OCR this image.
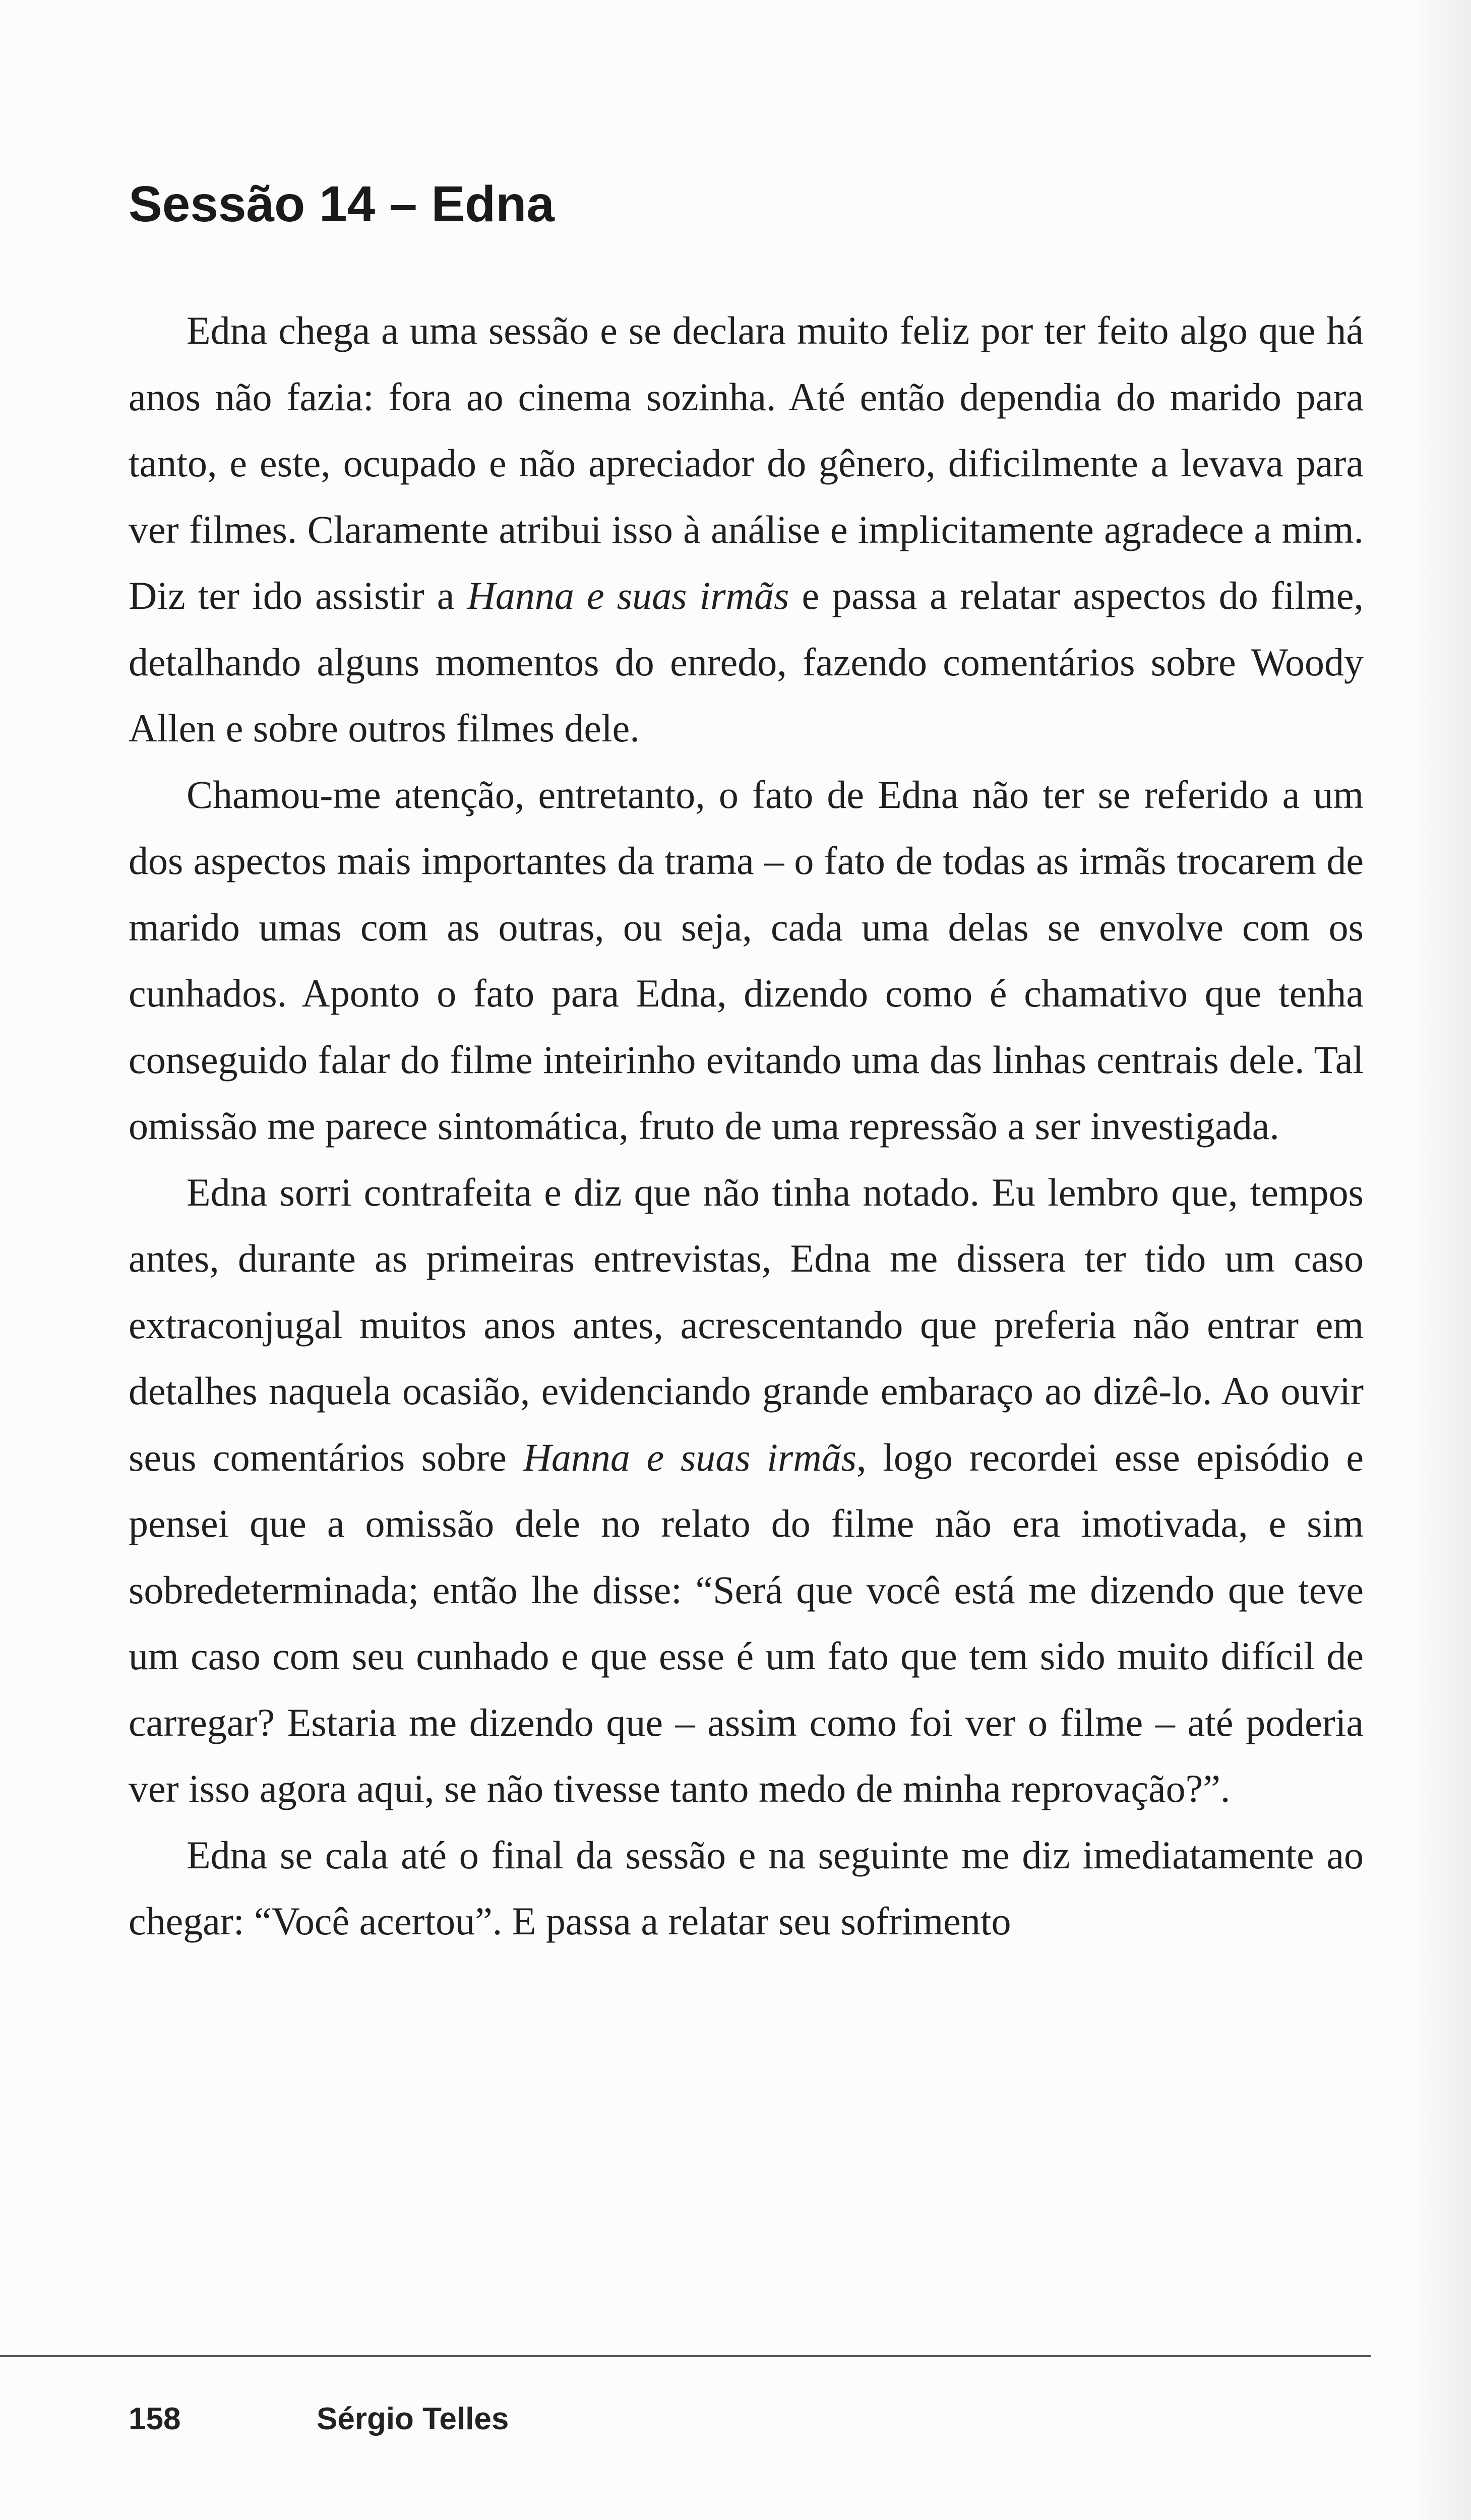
Sessão 14 – Edna

Edna chega a uma sessão e se declara muito feliz por ter feito algo que há anos não fazia: fora ao cinema sozinha. Até então dependia do marido para tanto, e este, ocupado e não apreciador do gênero, dificilmente a levava para ver filmes. Claramente atribui isso à análise e implicitamente agradece a mim. Diz ter ido assistir a Hanna e suas irmãs e passa a relatar aspectos do filme, detalhando alguns momentos do enredo, fazendo comentários sobre Woody Allen e sobre outros filmes dele.

Chamou-me atenção, entretanto, o fato de Edna não ter se referido a um dos aspectos mais importantes da trama – o fato de todas as irmãs trocarem de marido umas com as outras, ou seja, cada uma delas se envolve com os cunhados. Aponto o fato para Edna, dizendo como é chamativo que tenha conseguido falar do filme inteirinho evitando uma das linhas centrais dele. Tal omissão me parece sintomática, fruto de uma repressão a ser investigada.

Edna sorri contrafeita e diz que não tinha notado. Eu lembro que, tempos antes, durante as primeiras entrevistas, Edna me dissera ter tido um caso extraconjugal muitos anos antes, acrescentando que preferia não entrar em detalhes naquela ocasião, evidenciando grande embaraço ao dizê-lo. Ao ouvir seus comentários sobre Hanna e suas irmãs, logo recordei esse episódio e pensei que a omissão dele no relato do filme não era imotivada, e sim sobredeterminada; então lhe disse: “Será que você está me dizendo que teve um caso com seu cunhado e que esse é um fato que tem sido muito difícil de carregar? Estaria me dizendo que – assim como foi ver o filme – até poderia ver isso agora aqui, se não tivesse tanto medo de minha reprovação?”.

Edna se cala até o final da sessão e na seguinte me diz imediatamente ao chegar: “Você acertou”. E passa a relatar seu sofrimento

158	Sérgio Telles
